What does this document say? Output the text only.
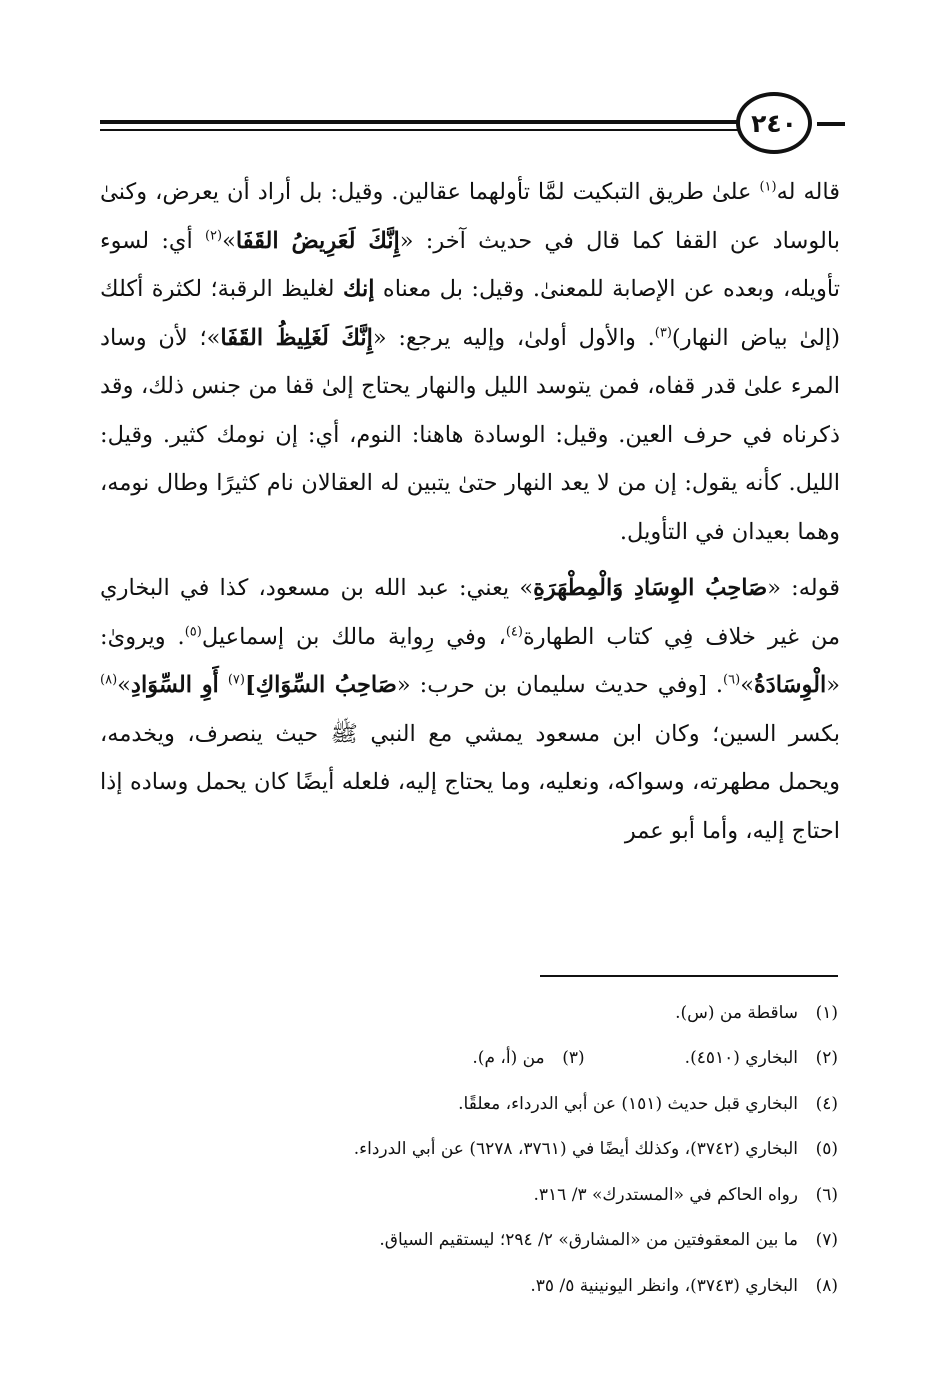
٢٤٠

قاله له$^{(١)}$ علىٰ طريق التبكيت لمَّا تأولهما عقالين. وقيل: بل أراد أن يعرض، وكنىٰ بالوساد عن القفا كما قال في حديث آخر: «إِنَّكَ لَعَرِيضُ القَفَا»$^{(٢)}$ أي: لسوء تأويله، وبعده عن الإصابة للمعنىٰ. وقيل: بل معناه إنك لغليظ الرقبة؛ لكثرة أكلك (إلىٰ بياض النهار)$^{(٣)}$. والأول أولىٰ، وإليه يرجع: «إِنَّكَ لَغَلِيظُ القَفَا»؛ لأن وساد المرء علىٰ قدر قفاه، فمن يتوسد الليل والنهار يحتاج إلىٰ قفا من جنس ذلك، وقد ذكرناه في حرف العين. وقيل: الوسادة هاهنا: النوم، أي: إن نومك كثير. وقيل: الليل. كأنه يقول: إن من لا يعد النهار حتىٰ يتبين له العقالان نام كثيرًا وطال نومه، وهما بعيدان في التأويل.

قوله: «صَاحِبُ الوِسَادِ وَالْمِطْهَرَةِ» يعني: عبد الله بن مسعود، كذا في البخاري من غير خلاف فِي كتاب الطهارة$^{(٤)}$، وفي رِواية مالك بن إسماعيل$^{(٥)}$. ويروىٰ: «الْوِسَادَةُ»$^{(٦)}$. [وفي حديث سليمان بن حرب: «صَاحِبُ السِّوَاكِ]$^{(٧)}$ أَوِ السِّوَادِ»$^{(٨)}$ بكسر السين؛ وكان ابن مسعود يمشي مع النبي ﷺ حيث ينصرف، ويخدمه، ويحمل مطهرته، وسواكه، ونعليه، وما يحتاج إليه، فلعله أيضًا كان يحمل وساده إذا احتاج إليه، وأما أبو عمر

(١)
ساقطة من (س).
(٢)
البخاري (٤٥١٠).
(٣)
من (أ، م).
(٤)
البخاري قبل حديث (١٥١) عن أبي الدرداء، معلقًا.
(٥)
البخاري (٣٧٤٢)، وكذلك أيضًا في (٣٧٦١، ٦٢٧٨) عن أبي الدرداء.
(٦)
رواه الحاكم في «المستدرك» ٣/ ٣١٦.
(٧)
ما بين المعقوفتين من «المشارق» ٢/ ٢٩٤؛ ليستقيم السياق.
(٨)
البخاري (٣٧٤٣)، وانظر اليونينية ٥/ ٣٥.
